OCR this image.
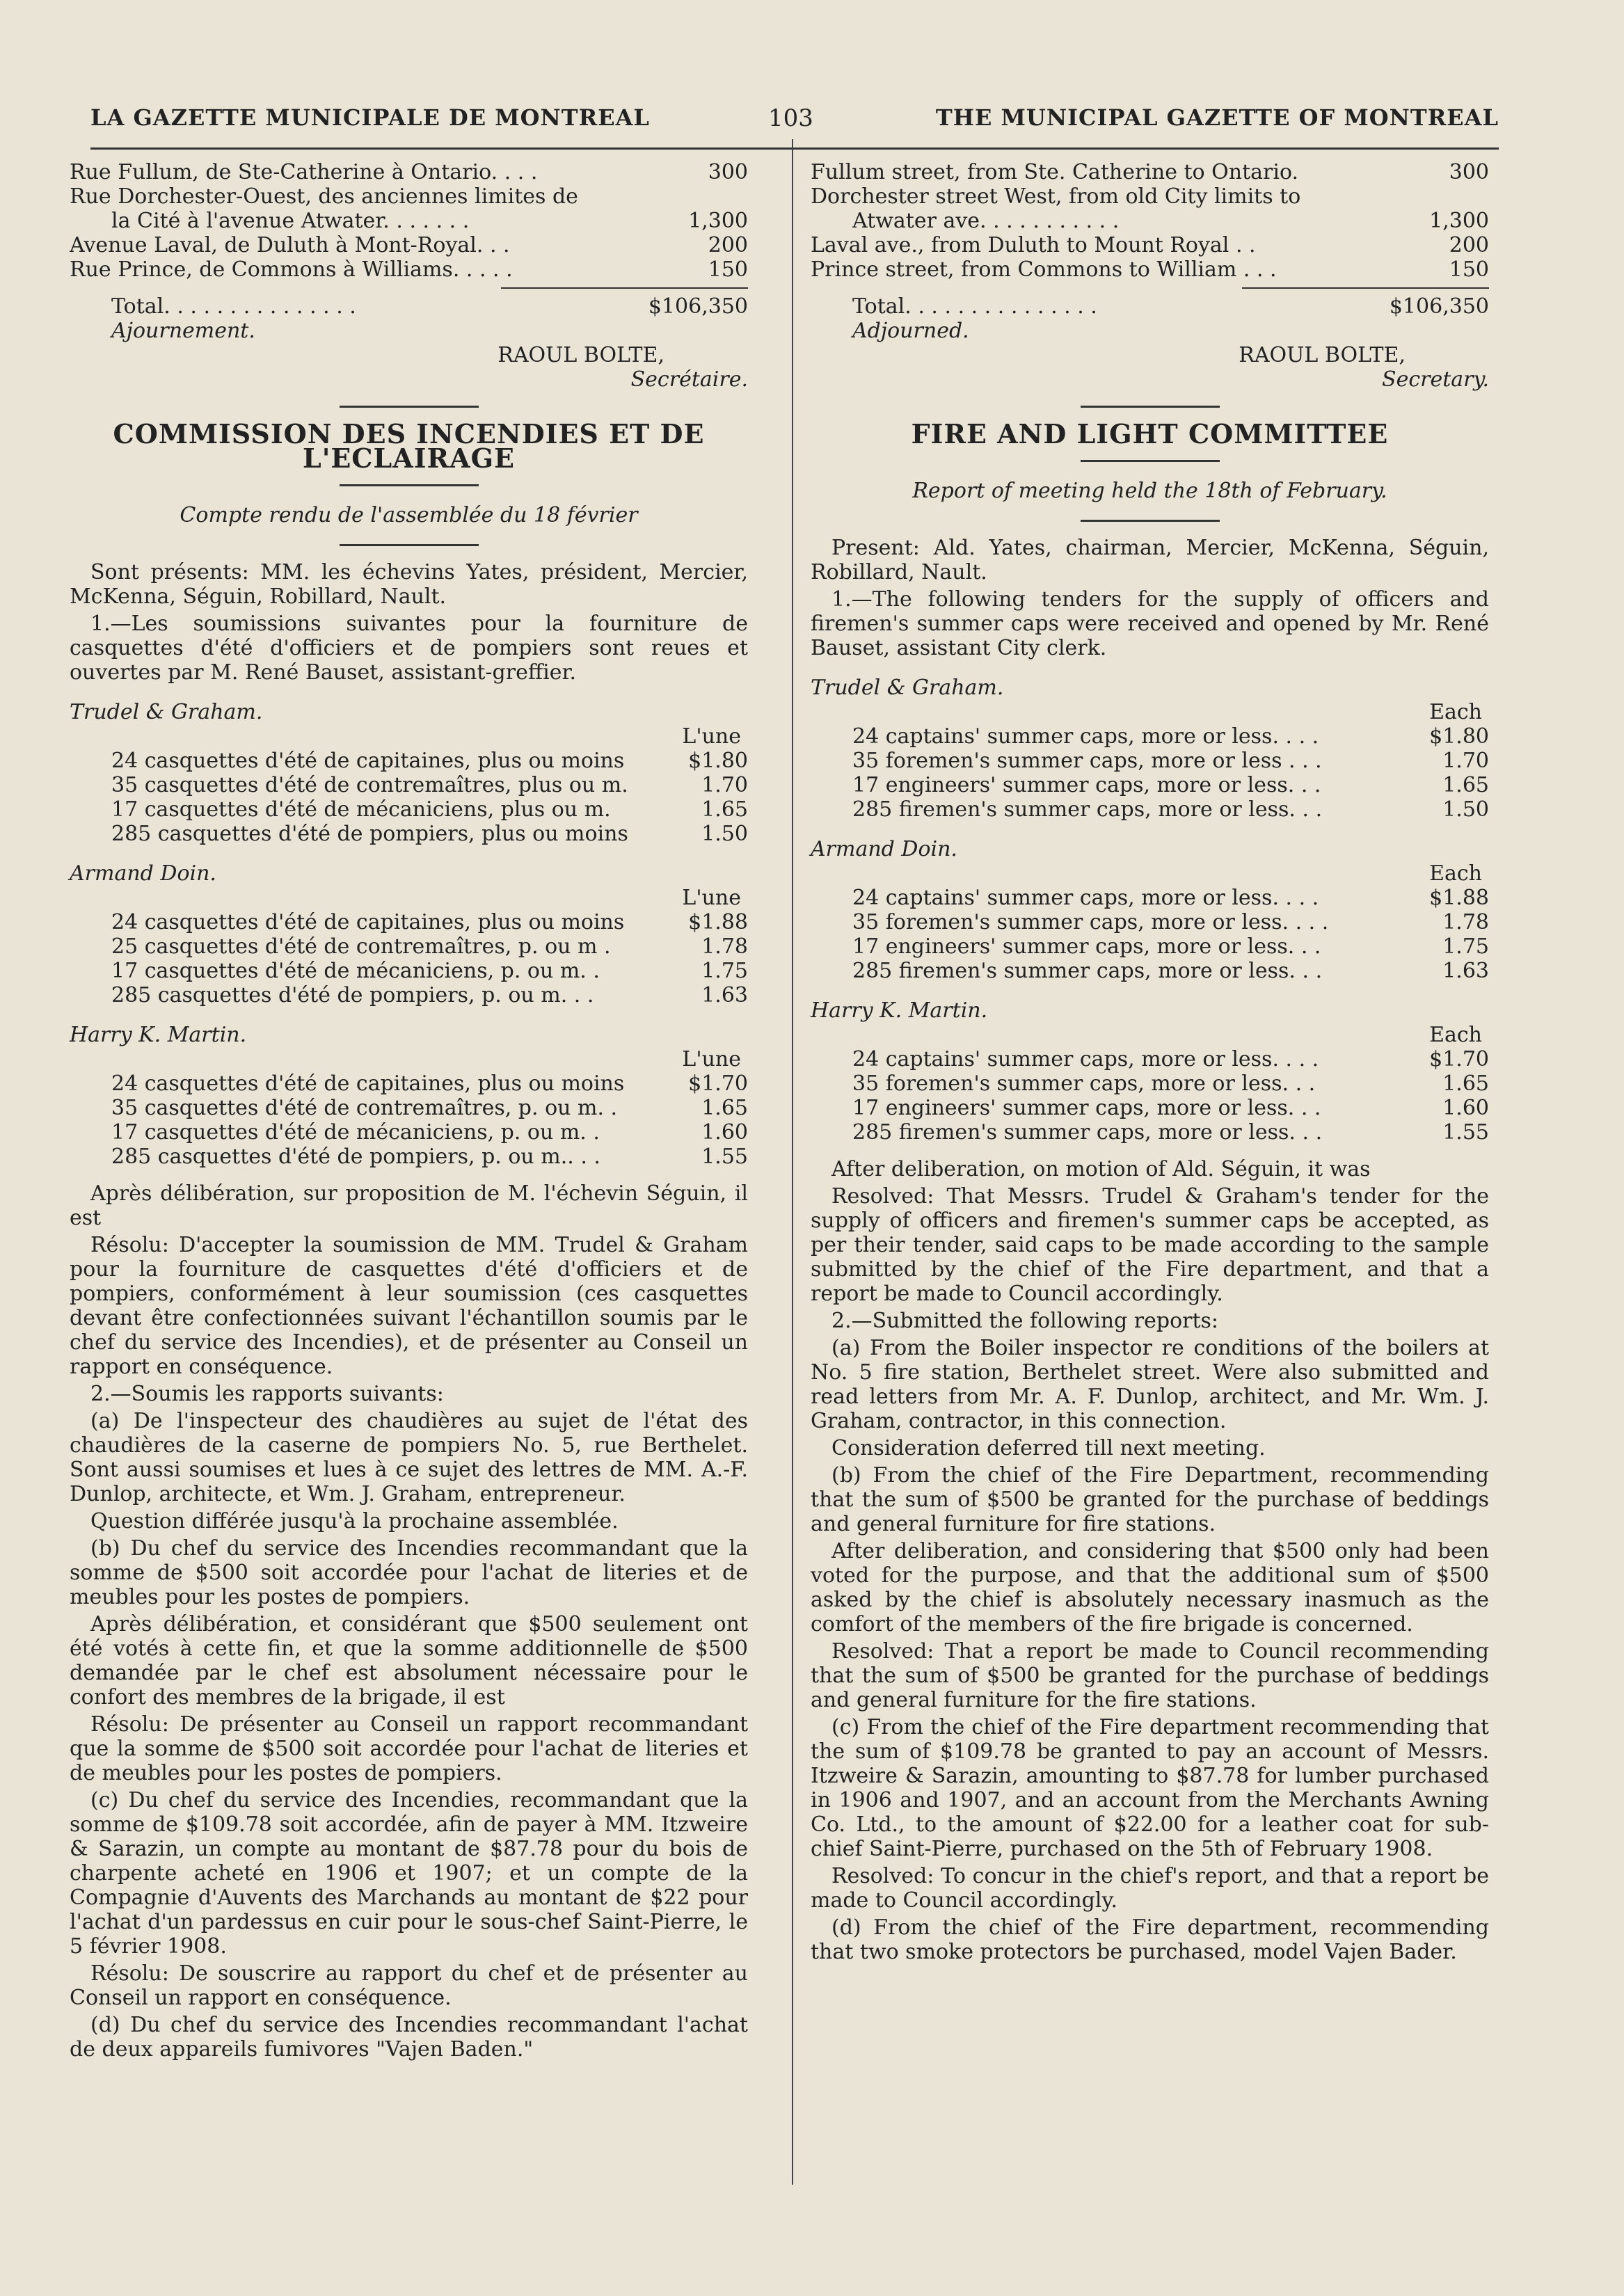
LA GAZETTE MUNICIPALE DE MONTREAL	103	THE MUNICIPAL GAZETTE OF MONTREAL
Rue Fullum, de Ste-Catherine à Ontario. . . .	300
Rue Dorchester-Ouest, des anciennes limites de
la Cité à l'avenue Atwater. . . . . . .	1,300
Avenue Laval, de Duluth à Mont-Royal. . .	200
Rue Prince, de Commons à Williams. . . . .	150
Total. . . . . . . . . . . . . . .	$106,350
Ajournement.
RAOUL BOLTE,
Secrétaire.
COMMISSION DES INCENDIES ET DE L'ECLAIRAGE
Compte rendu de l'assemblée du 18 février
Sont présents: MM. les échevins Yates, président, Mercier, McKenna, Séguin, Robillard, Nault.
1.—Les soumissions suivantes pour la fourniture de casquettes d'été d'officiers et de pompiers sont reues et ouvertes par M. René Bauset, assistant-greffier.
Trudel & Graham.
L'une
24 casquettes d'été de capitaines, plus ou moins	$1.80
35 casquettes d'été de contremaîtres, plus ou m.	1.70
17 casquettes d'été de mécaniciens, plus ou m.	1.65
285 casquettes d'été de pompiers, plus ou moins	1.50
Armand Doin.
L'une
24 casquettes d'été de capitaines, plus ou moins	$1.88
25 casquettes d'été de contremaîtres, p. ou m .	1.78
17 casquettes d'été de mécaniciens, p. ou m. .	1.75
285 casquettes d'été de pompiers, p. ou m. . .	1.63
Harry K. Martin.
L'une
24 casquettes d'été de capitaines, plus ou moins	$1.70
35 casquettes d'été de contremaîtres, p. ou m. .	1.65
17 casquettes d'été de mécaniciens, p. ou m. .	1.60
285 casquettes d'été de pompiers, p. ou m.. . .	1.55
Après délibération, sur proposition de M. l'échevin Séguin, il est
Résolu: D'accepter la soumission de MM. Trudel & Graham pour la fourniture de casquettes d'été d'officiers et de pompiers, conformément à leur soumission (ces casquettes devant être confectionnées suivant l'échantillon soumis par le chef du service des Incendies), et de présenter au Conseil un rapport en conséquence.
2.—Soumis les rapports suivants:
(a) De l'inspecteur des chaudières au sujet de l'état des chaudières de la caserne de pompiers No. 5, rue Berthelet. Sont aussi soumises et lues à ce sujet des lettres de MM. A.-F. Dunlop, architecte, et Wm. J. Graham, entrepreneur.
Question différée jusqu'à la prochaine assemblée.
(b) Du chef du service des Incendies recommandant que la somme de $500 soit accordée pour l'achat de literies et de meubles pour les postes de pompiers.
Après délibération, et considérant que $500 seulement ont été votés à cette fin, et que la somme additionnelle de $500 demandée par le chef est absolument nécessaire pour le confort des membres de la brigade, il est
Résolu: De présenter au Conseil un rapport recommandant que la somme de $500 soit accordée pour l'achat de literies et de meubles pour les postes de pompiers.
(c) Du chef du service des Incendies, recommandant que la somme de $109.78 soit accordée, afin de payer à MM. Itzweire & Sarazin, un compte au montant de $87.78 pour du bois de charpente acheté en 1906 et 1907; et un compte de la Compagnie d'Auvents des Marchands au montant de $22 pour l'achat d'un pardessus en cuir pour le sous-chef Saint-Pierre, le 5 février 1908.
Résolu: De souscrire au rapport du chef et de présenter au Conseil un rapport en conséquence.
(d) Du chef du service des Incendies recommandant l'achat de deux appareils fumivores "Vajen Baden."
Fullum street, from Ste. Catherine to Ontario.	300
Dorchester street West, from old City limits to
Atwater ave. . . . . . . . . . .	1,300
Laval ave., from Duluth to Mount Royal . .	200
Prince street, from Commons to William . . .	150
Total. . . . . . . . . . . . . . .	$106,350
Adjourned.
RAOUL BOLTE,
Secretary.
FIRE AND LIGHT COMMITTEE
Report of meeting held the 18th of February.
Present: Ald. Yates, chairman, Mercier, McKenna, Séguin, Robillard, Nault.
1.—The following tenders for the supply of officers and firemen's summer caps were received and opened by Mr. René Bauset, assistant City clerk.
Trudel & Graham.
Each
24 captains' summer caps, more or less. . . .	$1.80
35 foremen's summer caps, more or less . . .	1.70
17 engineers' summer caps, more or less. . .	1.65
285 firemen's summer caps, more or less. . .	1.50
Armand Doin.
Each
24 captains' summer caps, more or less. . . .	$1.88
35 foremen's summer caps, more or less. . . .	1.78
17 engineers' summer caps, more or less. . .	1.75
285 firemen's summer caps, more or less. . .	1.63
Harry K. Martin.
Each
24 captains' summer caps, more or less. . . .	$1.70
35 foremen's summer caps, more or less. . .	1.65
17 engineers' summer caps, more or less. . .	1.60
285 firemen's summer caps, more or less. . .	1.55
After deliberation, on motion of Ald. Séguin, it was
Resolved: That Messrs. Trudel & Graham's tender for the supply of officers and firemen's summer caps be accepted, as per their tender, said caps to be made according to the sample submitted by the chief of the Fire department, and that a report be made to Council accordingly.
2.—Submitted the following reports:
(a) From the Boiler inspector re conditions of the boilers at No. 5 fire station, Berthelet street. Were also submitted and read letters from Mr. A. F. Dunlop, architect, and Mr. Wm. J. Graham, contractor, in this connection.
Consideration deferred till next meeting.
(b) From the chief of the Fire Department, recommending that the sum of $500 be granted for the purchase of beddings and general furniture for fire stations.
After deliberation, and considering that $500 only had been voted for the purpose, and that the additional sum of $500 asked by the chief is absolutely necessary inasmuch as the comfort of the members of the fire brigade is concerned.
Resolved: That a report be made to Council recommending that the sum of $500 be granted for the purchase of beddings and general furniture for the fire stations.
(c) From the chief of the Fire department recommending that the sum of $109.78 be granted to pay an account of Messrs. Itzweire & Sarazin, amounting to $87.78 for lumber purchased in 1906 and 1907, and an account from the Merchants Awning Co. Ltd., to the amount of $22.00 for a leather coat for sub-chief Saint-Pierre, purchased on the 5th of February 1908.
Resolved: To concur in the chief's report, and that a report be made to Council accordingly.
(d) From the chief of the Fire department, recommending that two smoke protectors be purchased, model Vajen Bader.
